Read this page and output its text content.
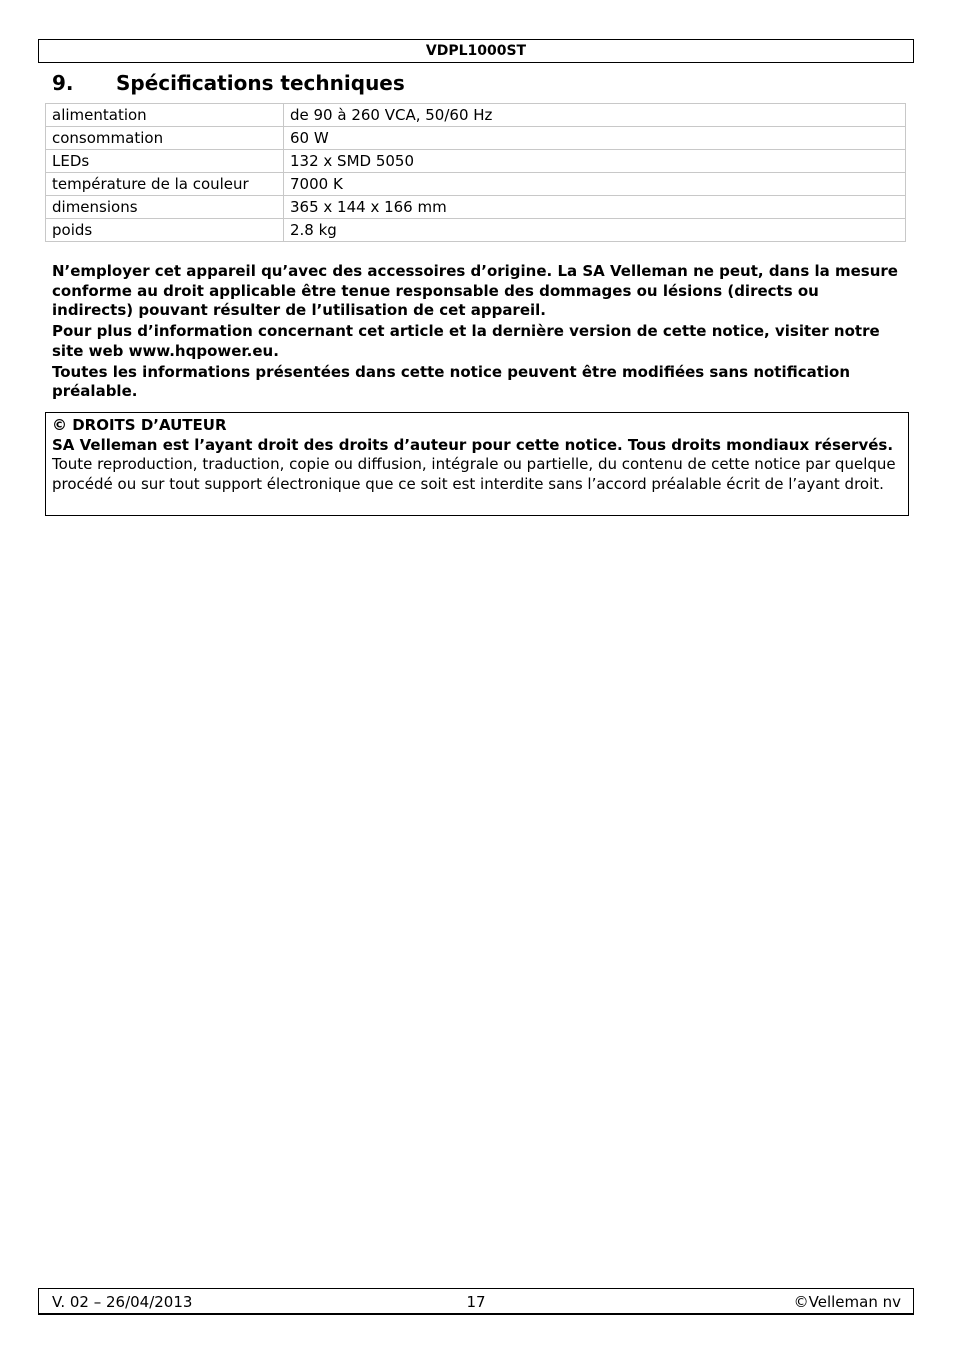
VDPL1000ST
9. Spécifications techniques
alimentation	de 90 à 260 VCA, 50/60 Hz
consommation	60 W
LEDs	132 x SMD 5050
température de la couleur	7000 K
dimensions	365 x 144 x 166 mm
poids	2.8 kg

N’employer cet appareil qu’avec des accessoires d’origine. La SA Velleman ne peut, dans la mesure conforme au droit applicable être tenue responsable des dommages ou lésions (directs ou indirects) pouvant résulter de l’utilisation de cet appareil.

Pour plus d’information concernant cet article et la dernière version de cette notice, visiter notre site web www.hqpower.eu.

Toutes les informations présentées dans cette notice peuvent être modifiées sans notification préalable.

© DROITS D’AUTEUR
SA Velleman est l’ayant droit des droits d’auteur pour cette notice. Tous droits mondiaux réservés. Toute reproduction, traduction, copie ou diffusion, intégrale ou partielle, du contenu de cette notice par quelque procédé ou sur tout support électronique que ce soit est interdite sans l’accord préalable écrit de l’ayant droit.
V. 02 – 26/04/2013	17	©Velleman nv
